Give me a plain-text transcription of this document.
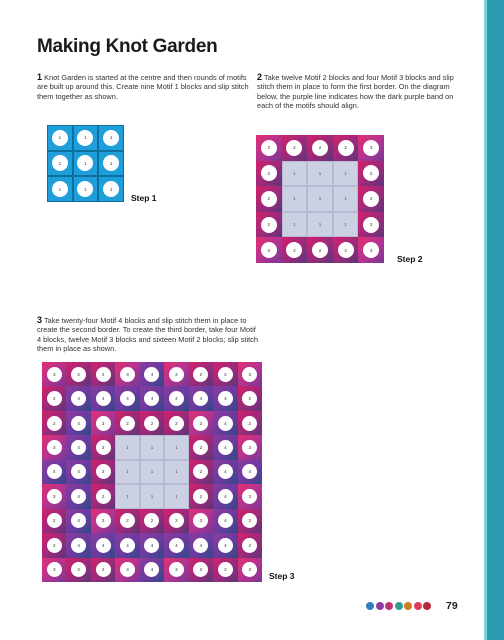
Making Knot Garden

1 Knot Garden is started at the centre and then rounds of motifs are built up around this. Create nine Motif 1 blocks and slip stitch them together as shown.

2 Take twelve Motif 2 blocks and four Motif 3 blocks and slip stitch them in place to form the first border. On the diagram below, the purple line indicates how the dark purple band on each of the motifs should align.

1	1	1
1	1	1
1	1	1
Step 1
3	2	2	2	3
2	1	1	1	2
2	1	1	1	2
2	1	1	1	2
3	2	2	2	3
Step 2

3 Take twenty-four Motif 4 blocks and slip stitch them in place to create the second border. To create the third border, take four Motif 4 blocks, twelve Motif 3 blocks and sixteen Motif 2 blocks; slip stitch them in place as shown.

3	2	2	3	4	3	2	2	3
2	4	4	4	4	4	4	4	2
2	4	3	2	2	2	3	4	2
3	4	2	1	1	1	2	4	3
4	4	2	1	1	1	2	4	4
3	4	2	1	1	1	2	4	3
2	4	3	2	2	2	3	4	2
2	4	4	4	4	4	4	4	2
3	2	2	3	4	3	2	2	3
Step 3
79
